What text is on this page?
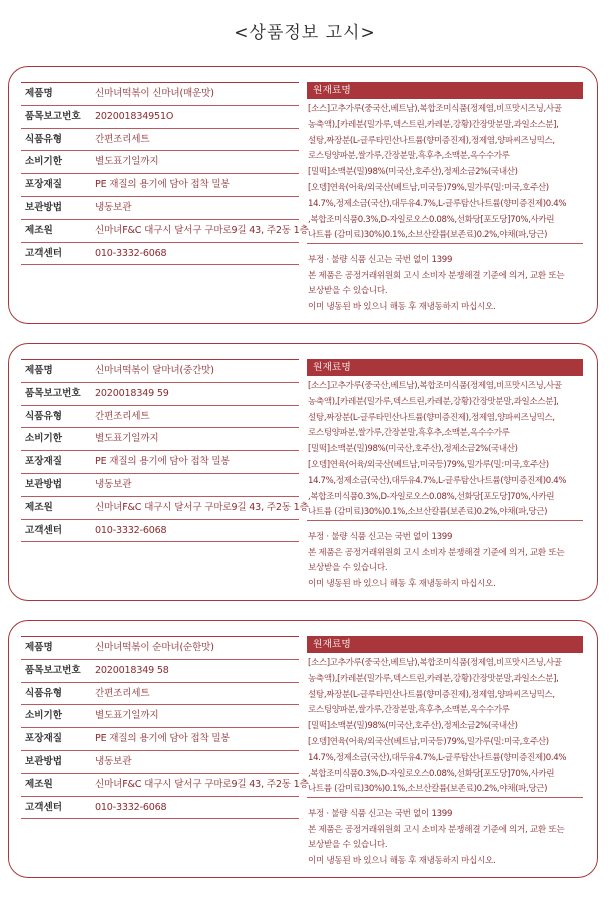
<상품정보 고시>
제품명	신마녀떡볶이 신마녀(매운맛)
품목보고번호 202001834951O
식품유형	간편조리세트
소비기한	별도표기일까지
포장재질	PE 재질의 용기에 담아 접착 밀봉
보관방법	냉동보관
제조원	신마녀F&C 대구시 달서구 구마로9길 43, 주2동 1층
고객센터	010-3332-6068
원재료명
[소스]고추가루(중국산,베트남),복합조미식품(정제염,비프맛시즈닝,사골
농축액),[카레분(밀가루,덱스트린,카레분,강황)간장맛분말,과일소스분],
설탕,짜장분(L-글루타민산나트륨(향미증진제),정제염,양파씨즈닝믹스,
로스팅양파분,쌀가루,간장분말,흑후추,소맥분,옥수수가루
[밀떡]소맥분(밀)98%(미국산,호주산),정제소금2%(국내산)
[오뎅]연육(어육/외국산(베트남,미국등)79%,밀가루(밀:미국,호주산)
14.7%,정제소금(국산),대두유4.7%,L-글루탐산나트륨(향미증진제)0.4%
,복합조미식품0.3%,D-자일로오스0.08%,선화당[포도당]70%,사카린
나트륨 (감미료)30%)0.1%,소브산칼륨(보존료)0.2%,야채(파,당근)
부정 · 불량 식품 신고는 국번 없이 1399
본 제품은 공정거래위원회 고시 소비자 분쟁해결 기준에 의거, 교환 또는
보상받을 수 있습니다.
이미 냉동된 바 있으니 해동 후 재냉동하지 마십시오.
제품명	신마녀떡볶이 달마녀(중간맛)
품목보고번호 2020018349 59
식품유형	간편조리세트
소비기한	별도표기일까지
포장재질	PE 재질의 용기에 담아 접착 밀봉
보관방법	냉동보관
제조원	신마녀F&C 대구시 달서구 구마로9길 43, 주2동 1층
고객센터	010-3332-6068
원재료명
[소스]고추가루(중국산,베트남),복합조미식품(정제염,비프맛시즈닝,사골
농축액),[카레분(밀가루,덱스트린,카레분,강황)간장맛분말,과일소스분],
설탕,짜장분(L-글루타민산나트륨(향미증진제),정제염,양파씨즈닝믹스,
로스팅양파분,쌀가루,간장분말,흑후추,소맥분,옥수수가루
[밀떡]소맥분(밀)98%(미국산,호주산),정제소금2%(국내산)
[오뎅]연육(어육/외국산(베트남,미국등)79%,밀가루(밀:미국,호주산)
14.7%,정제소금(국산),대두유4.7%,L-글루탐산나트륨(향미증진제)0.4%
,복합조미식품0.3%,D-자일로오스0.08%,선화당[포도당]70%,사카린
나트륨 (감미료)30%)0.1%,소브산칼륨(보존료)0.2%,야채(파,당근)
부정 · 불량 식품 신고는 국번 없이 1399
본 제품은 공정거래위원회 고시 소비자 분쟁해결 기준에 의거, 교환 또는
보상받을 수 있습니다.
이미 냉동된 바 있으니 해동 후 재냉동하지 마십시오.
제품명	신마녀떡볶이 순마녀(순한맛)
품목보고번호 2020018349 58
식품유형	간편조리세트
소비기한	별도표기일까지
포장재질	PE 재질의 용기에 담아 접착 밀봉
보관방법	냉동보관
제조원	신마녀F&C 대구시 달서구 구마로9길 43, 주2동 1층
고객센터	010-3332-6068
원재료명
[소스]고추가루(중국산,베트남),복합조미식품(정제염,비프맛시즈닝,사골
농축액),[카레분(밀가루,덱스트린,카레분,강황)간장맛분말,과일소스분],
설탕,짜장분(L-글루타민산나트륨(향미증진제),정제염,양파씨즈닝믹스,
로스팅양파분,쌀가루,간장분말,흑후추,소맥분,옥수수가루
[밀떡]소맥분(밀)98%(미국산,호주산),정제소금2%(국내산)
[오뎅]연육(어육/외국산(베트남,미국등)79%,밀가루(밀:미국,호주산)
14.7%,정제소금(국산),대두유4.7%,L-글루탐산나트륨(향미증진제)0.4%
,복합조미식품0.3%,D-자일로오스0.08%,선화당[포도당]70%,사카린
나트륨 (감미료)30%)0.1%,소브산칼륨(보존료)0.2%,야채(파,당근)
부정 · 불량 식품 신고는 국번 없이 1399
본 제품은 공정거래위원회 고시 소비자 분쟁해결 기준에 의거, 교환 또는
보상받을 수 있습니다.
이미 냉동된 바 있으니 해동 후 재냉동하지 마십시오.
